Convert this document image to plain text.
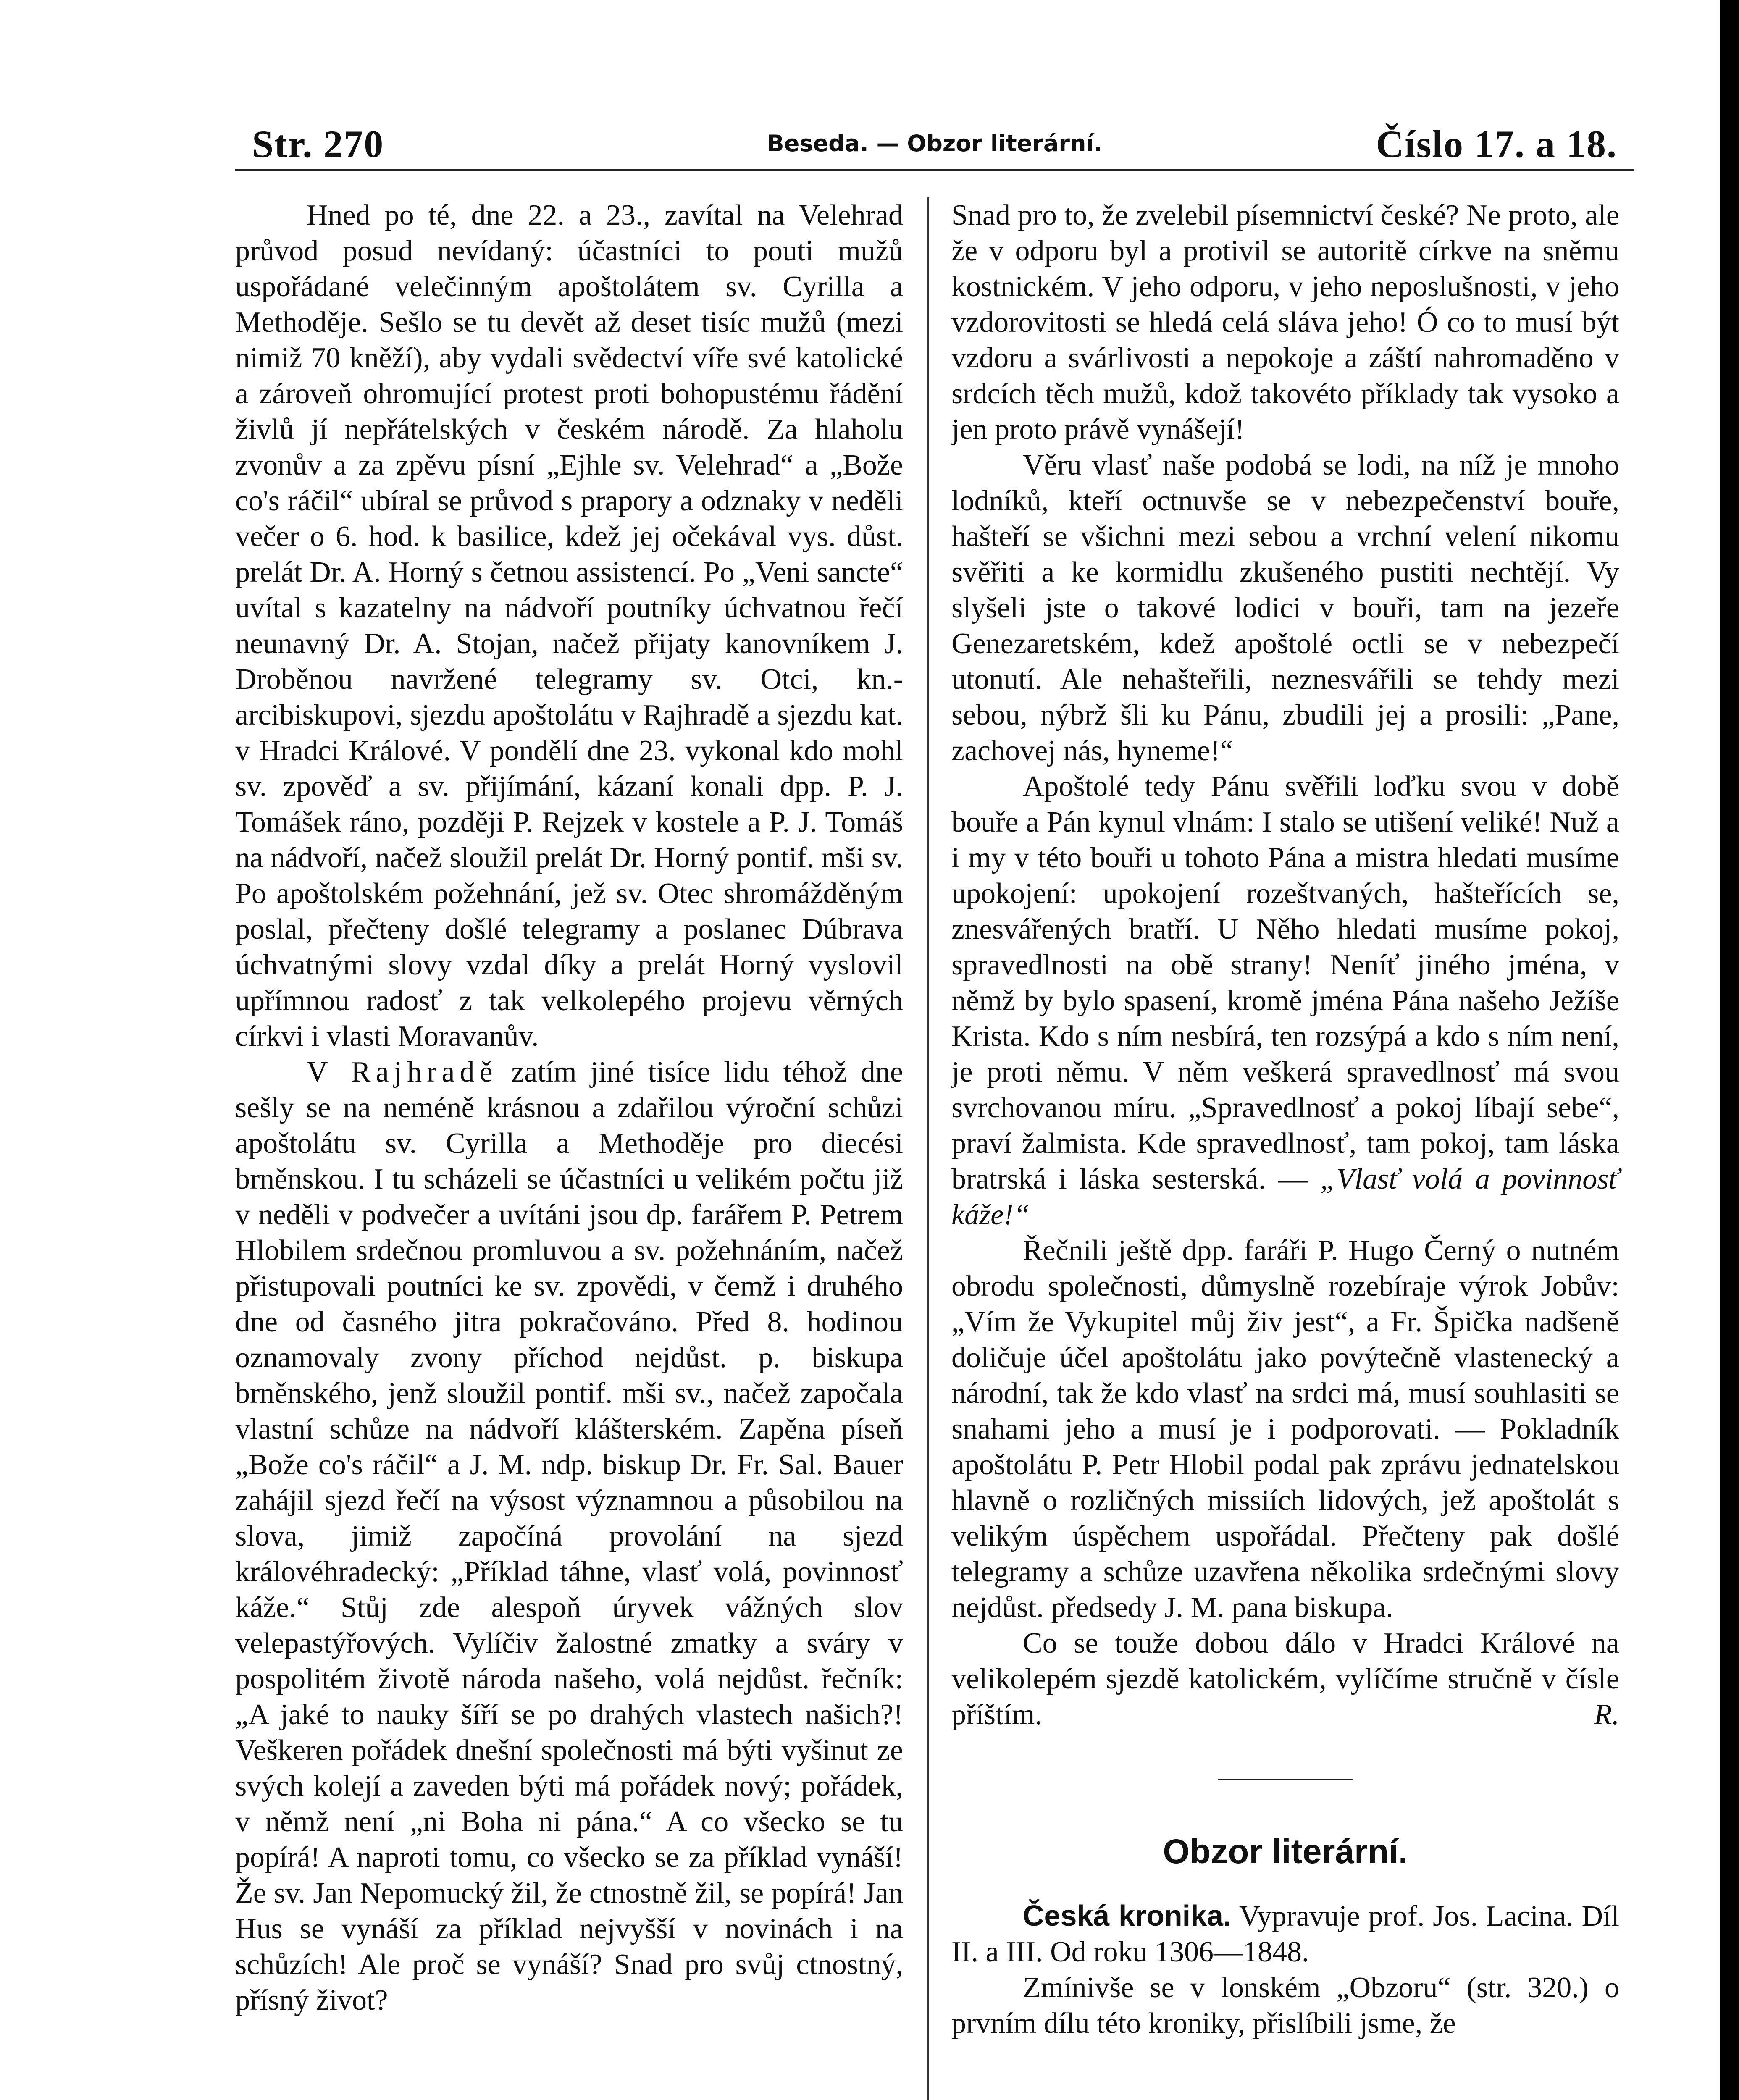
Str. 270	Beseda. — Obzor literární.	Číslo 17. a 18.

Hned po té, dne 22. a 23., zavítal na Velehrad průvod posud nevídaný: účastníci to pouti mužů uspořádané velečinným apoštolátem sv. Cyrilla a Methoděje. Sešlo se tu devět až deset tisíc mužů (mezi nimiž 70 kněží), aby vydali svědectví víře své katolické a zároveň ohromující protest proti bohopustému řádění živlů jí nepřátelských v českém národě. Za hlaholu zvonův a za zpěvu písní „Ejhle sv. Velehrad“ a „Bože co's ráčil“ ubíral se průvod s prapory a odznaky v neděli večer o 6. hod. k basilice, kdež jej očekával vys. důst. prelát Dr. A. Horný s četnou assistencí. Po „Veni sancte“ uvítal s kazatelny na nádvoří poutníky úchvatnou řečí neunavný Dr. A. Stojan, načež přijaty kanovníkem J. Droběnou navržené telegramy sv. Otci, kn.-arcibiskupovi, sjezdu apoštolátu v Rajhradě a sjezdu kat. v Hradci Králové. V pondělí dne 23. vykonal kdo mohl sv. zpověď a sv. přijímání, kázaní konali dpp. P. J. Tomášek ráno, později P. Rejzek v kostele a P. J. Tomáš na nádvoří, načež sloužil prelát Dr. Horný pontif. mši sv. Po apoštolském požehnání, jež sv. Otec shromážděným poslal, přečteny došlé telegramy a poslanec Dúbrava úchvatnými slovy vzdal díky a prelát Horný vyslovil upřímnou radosť z tak velkolepého projevu věrných církvi i vlasti Moravanův.

V Rajhradě zatím jiné tisíce lidu téhož dne sešly se na neméně krásnou a zdařilou výroční schůzi apoštolátu sv. Cyrilla a Methoděje pro diecési brněnskou. I tu scházeli se účastníci u velikém počtu již v neděli v podvečer a uvítáni jsou dp. farářem P. Petrem Hlobilem srdečnou promluvou a sv. požehnáním, načež přistupovali poutníci ke sv. zpovědi, v čemž i druhého dne od časného jitra pokračováno. Před 8. hodinou oznamovaly zvony příchod nejdůst. p. biskupa brněnského, jenž sloužil pontif. mši sv., načež započala vlastní schůze na nádvoří klášterském. Zapěna píseň „Bože co's ráčil“ a J. M. ndp. biskup Dr. Fr. Sal. Bauer zahájil sjezd řečí na výsost významnou a působilou na slova, jimiž započíná provolání na sjezd královéhradecký: „Příklad táhne, vlasť volá, povinnosť káže.“ Stůj zde alespoň úryvek vážných slov velepastýřových. Vylíčiv žalostné zmatky a sváry v pospolitém životě národa našeho, volá nejdůst. řečník: „A jaké to nauky šíří se po drahých vlastech našich?! Veškeren pořádek dnešní společnosti má býti vyšinut ze svých kolejí a zaveden býti má pořádek nový; pořádek, v němž není „ni Boha ni pána.“ A co všecko se tu popírá! A naproti tomu, co všecko se za příklad vynáší! Že sv. Jan Nepomucký žil, že ctnostně žil, se popírá! Jan Hus se vynáší za příklad nejvyšší v novinách i na schůzích! Ale proč se vynáší? Snad pro svůj ctnostný, přísný život?

Snad pro to, že zvelebil písemnictví české? Ne proto, ale že v odporu byl a protivil se autoritě církve na sněmu kostnickém. V jeho odporu, v jeho neposlušnosti, v jeho vzdorovitosti se hledá celá sláva jeho! Ó co to musí být vzdoru a svárlivosti a nepokoje a záští nahromaděno v srdcích těch mužů, kdož takovéto příklady tak vysoko a jen proto právě vynášejí!

Věru vlasť naše podobá se lodi, na níž je mnoho lodníků, kteří octnuvše se v nebezpečenství bouře, hašteří se všichni mezi sebou a vrchní velení nikomu svěřiti a ke kormidlu zkušeného pustiti nechtějí. Vy slyšeli jste o takové lodici v bouři, tam na jezeře Genezaretském, kdež apoštolé octli se v nebezpečí utonutí. Ale nehašteřili, neznesvářili se tehdy mezi sebou, nýbrž šli ku Pánu, zbudili jej a prosili: „Pane, zachovej nás, hyneme!“

Apoštolé tedy Pánu svěřili loďku svou v době bouře a Pán kynul vlnám: I stalo se utišení veliké! Nuž a i my v této bouři u tohoto Pána a mistra hledati musíme upokojení: upokojení rozeštvaných, hašteřících se, znesvářených bratří. U Něho hledati musíme pokoj, spravedlnosti na obě strany! Neníť jiného jména, v němž by bylo spasení, kromě jména Pána našeho Ježíše Krista. Kdo s ním nesbírá, ten rozsýpá a kdo s ním není, je proti němu. V něm veškerá spravedlnosť má svou svrchovanou míru. „Spravedlnosť a pokoj líbají sebe“, praví žalmista. Kde spravedlnosť, tam pokoj, tam láska bratrská i láska sesterská. — „Vlasť volá a povinnosť káže!“

Řečnili ještě dpp. faráři P. Hugo Černý o nutném obrodu společnosti, důmyslně rozebíraje výrok Jobův: „Vím že Vykupitel můj živ jest“, a Fr. Špička nadšeně doličuje účel apoštolátu jako povýtečně vlastenecký a národní, tak že kdo vlasť na srdci má, musí souhlasiti se snahami jeho a musí je i podporovati. — Pokladník apoštolátu P. Petr Hlobil podal pak zprávu jednatelskou hlavně o rozličných missiích lidových, jež apoštolát s velikým úspěchem uspořádal. Přečteny pak došlé telegramy a schůze uzavřena několika srdečnými slovy nejdůst. předsedy J. M. pana biskupa.

Co se touže dobou dálo v Hradci Králové na velikolepém sjezdě katolickém, vylíčíme stručně v čísle příštím.	R.

Obzor literární.

Česká kronika. Vypravuje prof. Jos. Lacina. Díl II. a III. Od roku 1306—1848.

Zmínivše se v lonském „Obzoru“ (str. 320.) o prvním dílu této kroniky, přislíbili jsme, že
